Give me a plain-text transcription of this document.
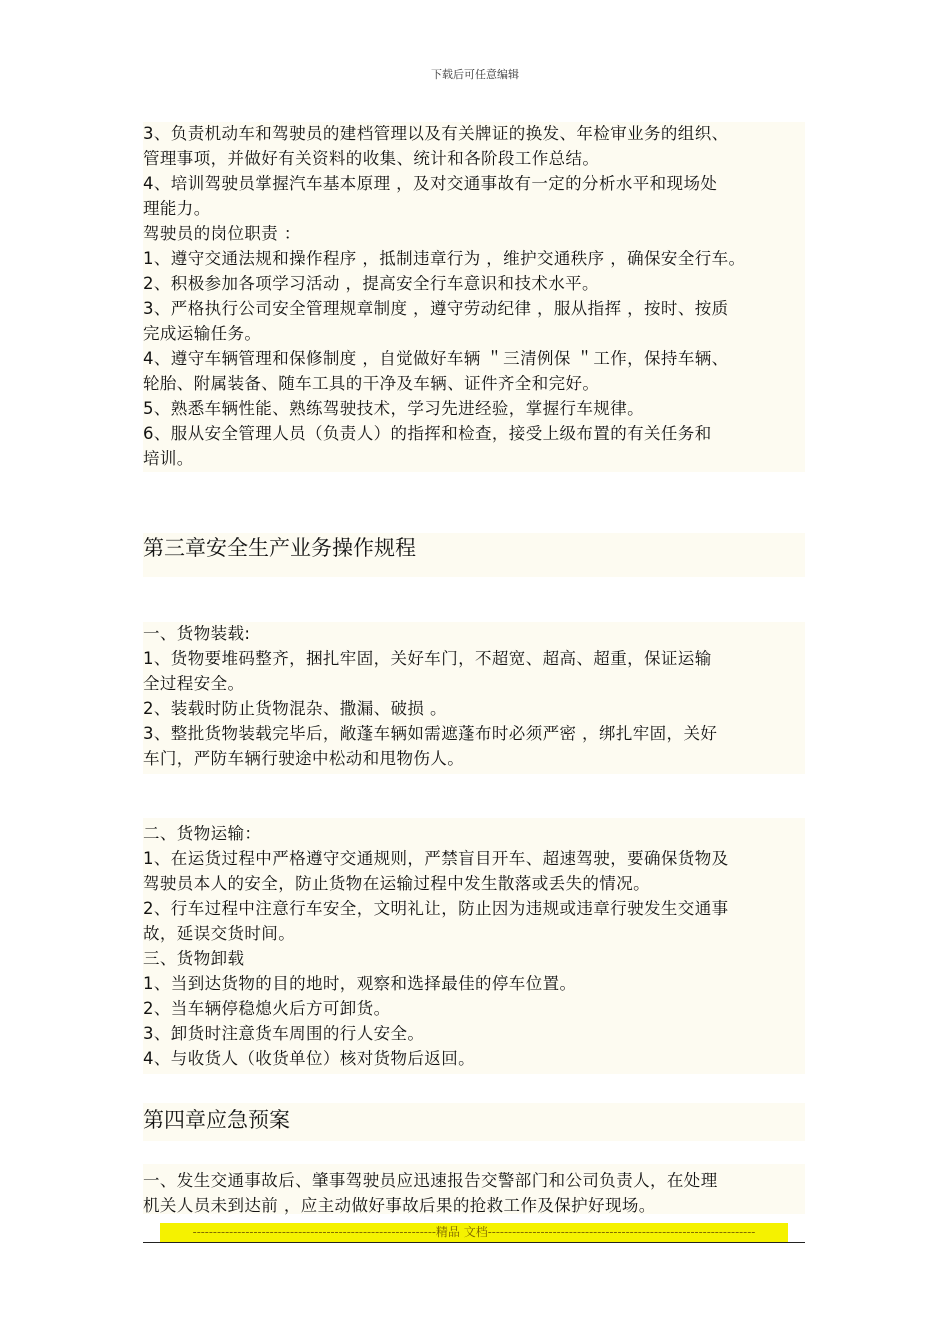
下载后可任意编辑
3、负责机动车和驾驶员的建档管理以及有关牌证的换发、年检审业务的组织、
管理事项，并做好有关资料的收集、统计和各阶段工作总结。
4、培训驾驶员掌握汽车基本原理 ，及对交通事故有一定的分析水平和现场处
理能力。
驾驶员的岗位职责 ：
1、遵守交通法规和操作程序 ，抵制违章行为 ，维护交通秩序 ，确保安全行车。
2、积极参加各项学习活动 ，提高安全行车意识和技术水平。
3、严格执行公司安全管理规章制度 ，遵守劳动纪律 ，服从指挥 ，按时、按质
完成运输任务。
4、遵守车辆管理和保修制度 ，自觉做好车辆 ＂三清例保 ＂工作，保持车辆、
轮胎、附属装备、随车工具的干净及车辆、证件齐全和完好。
5、熟悉车辆性能、熟练驾驶技术，学习先进经验，掌握行车规律。
6、服从安全管理人员（负责人）的指挥和检查，接受上级布置的有关任务和
培训。
第三章安全生产业务操作规程
一、货物装载:
1、货物要堆码整齐，捆扎牢固，关好车门，不超宽、超高、超重，保证运输
全过程安全。
2、装载时防止货物混杂、撒漏、破损 。
3、整批货物装载完毕后，敞蓬车辆如需遮蓬布时必须严密 ，绑扎牢固，关好
车门，严防车辆行驶途中松动和甩物伤人。
二、货物运输：
1、在运货过程中严格遵守交通规则，严禁盲目开车、超速驾驶，要确保货物及
驾驶员本人的安全，防止货物在运输过程中发生散落或丢失的情况。
2、行车过程中注意行车安全，文明礼让，防止因为违规或违章行驶发生交通事
故，延误交货时间。
三、货物卸载
1、当到达货物的目的地时，观察和选择最佳的停车位置。
2、当车辆停稳熄火后方可卸货。
3、卸货时注意货车周围的行人安全。
4、与收货人（收货单位）核对货物后返回。
第四章应急预案
一、发生交通事故后、肇事驾驶员应迅速报告交警部门和公司负责人，在处理
机关人员未到达前 ，应主动做好事故后果的抢救工作及保护好现场。
------------------------------------------------------------精品 文档------------------------------------------------------------------
